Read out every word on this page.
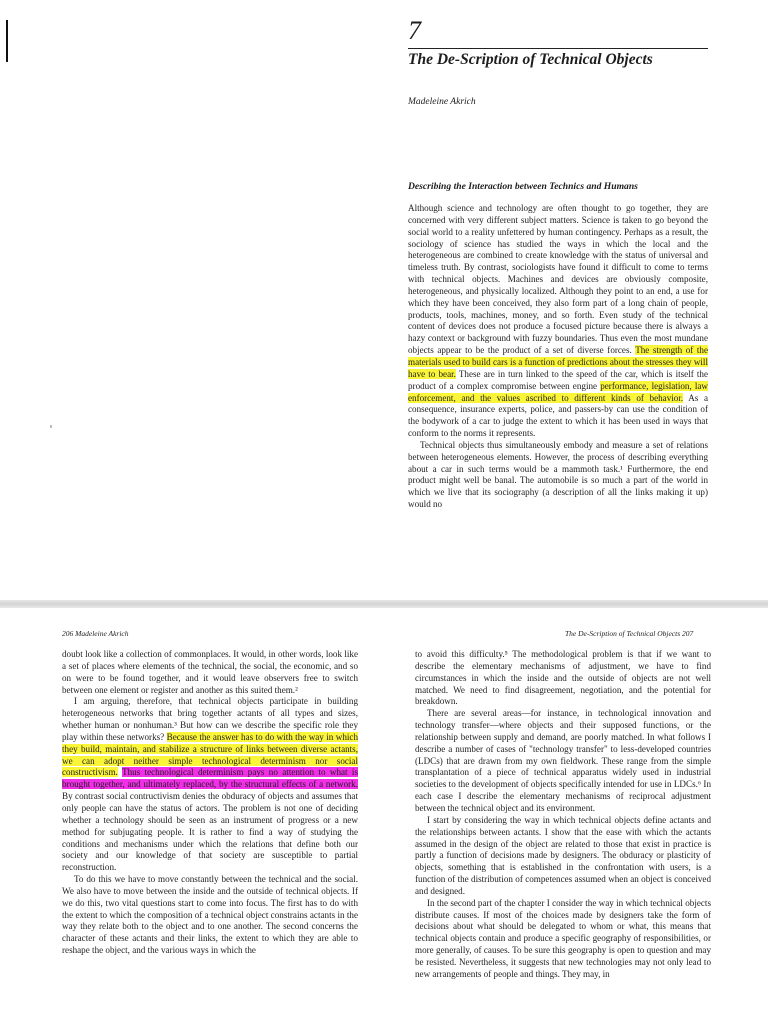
7
The De-Scription of Technical Objects

Madeleine Akrich

Describing the Interaction between Technics and Humans
Although science and technology are often thought to go together, they are concerned with very different subject matters. Science is taken to go beyond the social world to a reality unfettered by human contingency. Perhaps as a result, the sociology of science has studied the ways in which the local and the heterogeneous are combined to create knowledge with the status of universal and timeless truth. By contrast, sociologists have found it difficult to come to terms with technical objects. Machines and devices are obviously composite, heterogeneous, and physically localized. Although they point to an end, a use for which they have been conceived, they also form part of a long chain of people, products, tools, machines, money, and so forth. Even study of the technical content of devices does not produce a focused picture because there is always a hazy context or background with fuzzy boundaries. Thus even the most mundane objects appear to be the product of a set of diverse forces. The strength of the materials used to build cars is a function of predictions about the stresses they will have to bear. These are in turn linked to the speed of the car, which is itself the product of a complex compromise between engine performance, legislation, law enforcement, and the values ascribed to different kinds of behavior. As a consequence, insurance experts, police, and passers-by can use the condition of the bodywork of a car to judge the extent to which it has been used in ways that conform to the norms it represents.
Technical objects thus simultaneously embody and measure a set of relations between heterogeneous elements. However, the process of describing everything about a car in such terms would be a mammoth task.¹ Furthermore, the end product might well be banal. The automobile is so much a part of the world in which we live that its sociography (a description of all the links making it up) would no

206 Madeleine Akrich	The De-Scription of Technical Objects 207

doubt look like a collection of commonplaces. It would, in other words, look like a set of places where elements of the technical, the social, the economic, and so on were to be found together, and it would leave observers free to switch between one element or register and another as this suited them.²
I am arguing, therefore, that technical objects participate in building heterogeneous networks that bring together actants of all types and sizes, whether human or nonhuman.³ But how can we describe the specific role they play within these networks? Because the answer has to do with the way in which they build, maintain, and stabilize a structure of links between diverse actants, we can adopt neither simple technological determinism nor social constructivism. Thus technological determinism pays no attention to what is brought together, and ultimately replaced, by the structural effects of a network. By contrast social contructivism denies the obduracy of objects and assumes that only people can have the status of actors. The problem is not one of deciding whether a technology should be seen as an instrument of progress or a new method for subjugating people. It is rather to find a way of studying the conditions and mechanisms under which the relations that define both our society and our knowledge of that society are susceptible to partial reconstruction.
To do this we have to move constantly between the technical and the social. We also have to move between the inside and the outside of technical objects. If we do this, two vital questions start to come into focus. The first has to do with the extent to which the composition of a technical object constrains actants in the way they relate both to the object and to one another. The second concerns the character of these actants and their links, the extent to which they are able to reshape the object, and the various ways in which the
to avoid this difficulty.⁵ The methodological problem is that if we want to describe the elementary mechanisms of adjustment, we have to find circumstances in which the inside and the outside of objects are not well matched. We need to find disagreement, negotiation, and the potential for breakdown.
There are several areas—for instance, in technological innovation and technology transfer—where objects and their supposed functions, or the relationship between supply and demand, are poorly matched. In what follows I describe a number of cases of "technology transfer" to less-developed countries (LDCs) that are drawn from my own fieldwork. These range from the simple transplantation of a piece of technical apparatus widely used in industrial societies to the development of objects specifically intended for use in LDCs.⁶ In each case I describe the elementary mechanisms of reciprocal adjustment between the technical object and its environment.
I start by considering the way in which technical objects define actants and the relationships between actants. I show that the ease with which the actants assumed in the design of the object are related to those that exist in practice is partly a function of decisions made by designers. The obduracy or plasticity of objects, something that is established in the confrontation with users, is a function of the distribution of competences assumed when an object is conceived and designed.
In the second part of the chapter I consider the way in which technical objects distribute causes. If most of the choices made by designers take the form of decisions about what should be delegated to whom or what, this means that technical objects contain and produce a specific geography of responsibilities, or more generally, of causes. To be sure this geography is open to question and may be resisted. Nevertheless, it suggests that new technologies may not only lead to new arrangements of people and things. They may, in
